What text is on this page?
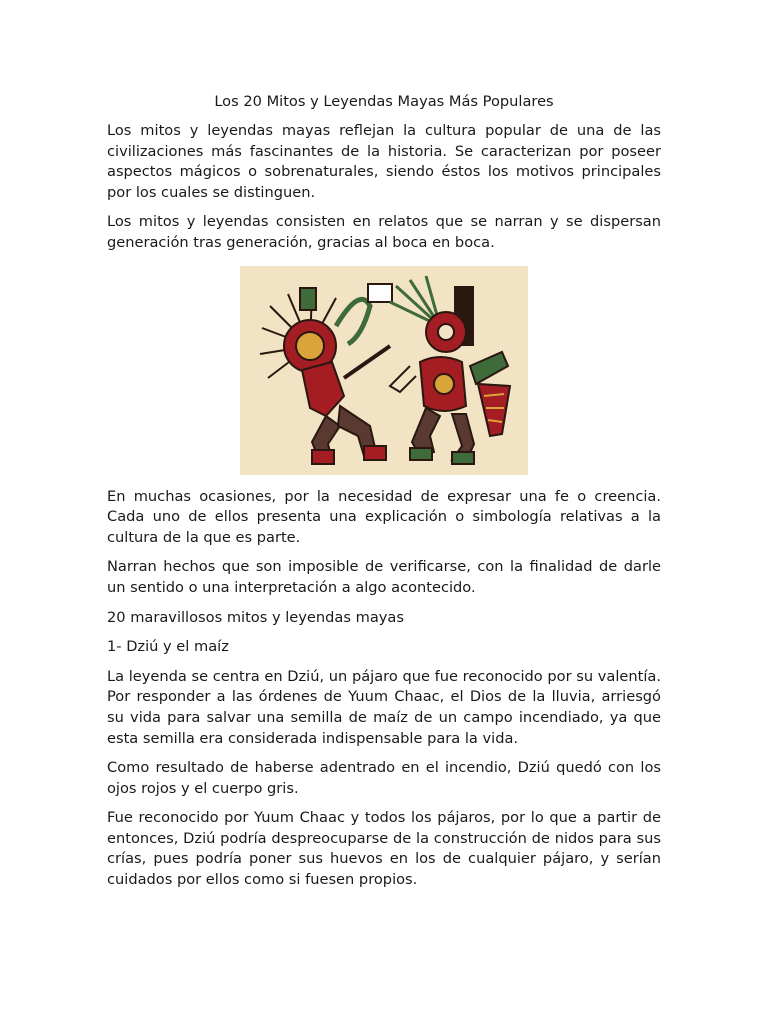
Los 20 Mitos y Leyendas Mayas Más Populares

Los mitos y leyendas mayas reflejan la cultura popular de una de las civilizaciones más fascinantes de la historia. Se caracterizan por poseer aspectos mágicos o sobrenaturales, siendo éstos los motivos principales por los cuales se distinguen.

Los mitos y leyendas consisten en relatos que se narran y se dispersan generación tras generación, gracias al boca en boca.

En muchas ocasiones, por la necesidad de expresar una fe o creencia. Cada uno de ellos presenta una explicación o simbología relativas a la cultura de la que es parte.

Narran hechos que son imposible de verificarse, con la finalidad de darle un sentido o una interpretación a algo acontecido.

20 maravillosos mitos y leyendas mayas

1- Dziú y el maíz

La leyenda se centra en Dziú, un pájaro que fue reconocido por su valentía. Por responder a las órdenes de Yuum Chaac, el Dios de la lluvia, arriesgó su vida para salvar una semilla de maíz de un campo incendiado, ya que esta semilla era considerada indispensable para la vida.

Como resultado de haberse adentrado en el incendio, Dziú quedó con los ojos rojos y el cuerpo gris.

Fue reconocido por Yuum Chaac y todos los pájaros, por lo que a partir de entonces, Dziú podría despreocuparse de la construcción de nidos para sus crías, pues podría poner sus huevos en los de cualquier pájaro, y serían cuidados por ellos como si fuesen propios.
